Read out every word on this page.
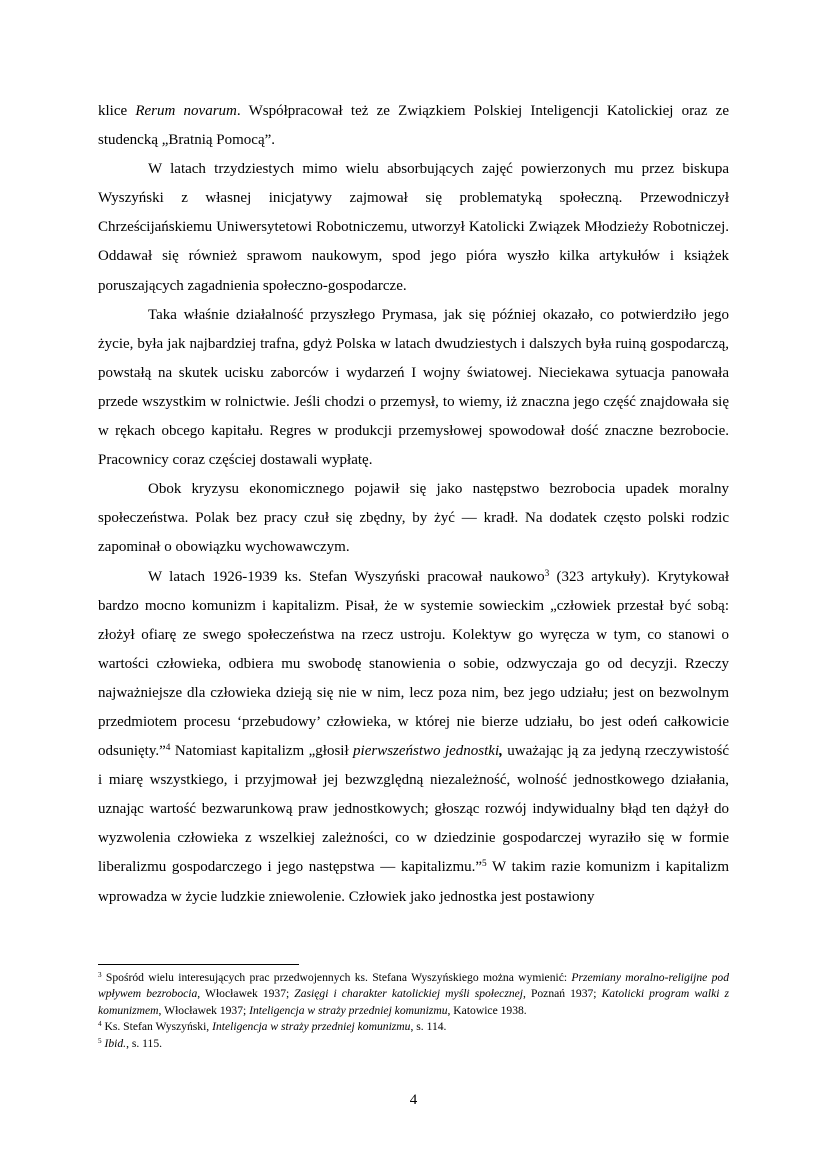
klice Rerum novarum. Współpracował też ze Związkiem Polskiej Inteligencji Katolickiej oraz ze studencką „Bratnią Pomocą”.

W latach trzydziestych mimo wielu absorbujących zajęć powierzonych mu przez biskupa Wyszyński z własnej inicjatywy zajmował się problematyką społeczną. Przewodniczył Chrześcijańskiemu Uniwersytetowi Robotniczemu, utworzył Katolicki Związek Młodzieży Robotniczej. Oddawał się również sprawom naukowym, spod jego pióra wyszło kilka artykułów i książek poruszających zagadnienia społeczno-gospodarcze.

Taka właśnie działalność przyszłego Prymasa, jak się później okazało, co potwierdziło jego życie, była jak najbardziej trafna, gdyż Polska w latach dwudziestych i dalszych była ruiną gospodarczą, powstałą na skutek ucisku zaborców i wydarzeń I wojny światowej. Nieciekawa sytuacja panowała przede wszystkim w rolnictwie. Jeśli chodzi o przemysł, to wiemy, iż znaczna jego część znajdowała się w rękach obcego kapitału. Regres w produkcji przemysłowej spowodował dość znaczne bezrobocie. Pracownicy coraz częściej dostawali wypłatę.

Obok kryzysu ekonomicznego pojawił się jako następstwo bezrobocia upadek moralny społeczeństwa. Polak bez pracy czuł się zbędny, by żyć — kradł. Na dodatek często polski rodzic zapominał o obowiązku wychowawczym.

W latach 1926-1939 ks. Stefan Wyszyński pracował naukowo$^3$ (323 artykuły). Krytykował bardzo mocno komunizm i kapitalizm. Pisał, że w systemie sowieckim „człowiek przestał być sobą: złożył ofiarę ze swego społeczeństwa na rzecz ustroju. Kolektyw go wyręcza w tym, co stanowi o wartości człowieka, odbiera mu swobodę stanowienia o sobie, odzwyczaja go od decyzji. Rzeczy najważniejsze dla człowieka dzieją się nie w nim, lecz poza nim, bez jego udziału; jest on bezwolnym przedmiotem procesu ‘przebudowy’ człowieka, w której nie bierze udziału, bo jest odeń całkowicie odsunięty.”$^4$ Natomiast kapitalizm „głosił pierwszeństwo jednostki, uważając ją za jedyną rzeczywistość i miarę wszystkiego, i przyjmował jej bezwzględną niezależność, wolność jednostkowego działania, uznając wartość bezwarunkową praw jednostkowych; głosząc rozwój indywidualny błąd ten dążył do wyzwolenia człowieka z wszelkiej zależności, co w dziedzinie gospodarczej wyraziło się w formie liberalizmu gospodarczego i jego następstwa — kapitalizmu.”$^5$ W takim razie komunizm i kapitalizm wprowadza w życie ludzkie zniewolenie. Człowiek jako jednostka jest postawiony

$^3$ Spośród wielu interesujących prac przedwojennych ks. Stefana Wyszyńskiego można wymienić: Przemiany moralno-religijne pod wpływem bezrobocia, Włocławek 1937; Zasięgi i charakter katolickiej myśli społecznej, Poznań 1937; Katolicki program walki z komunizmem, Włocławek 1937; Inteligencja w straży przedniej komunizmu, Katowice 1938.

$^4$ Ks. Stefan Wyszyński, Inteligencja w straży przedniej komunizmu, s. 114.

$^5$ Ibid., s. 115.

4
